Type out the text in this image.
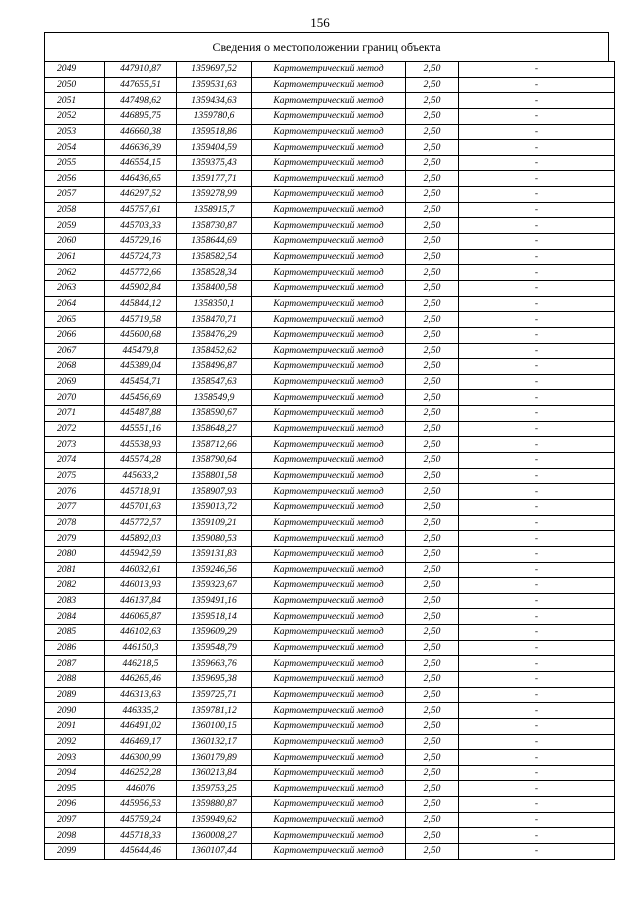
156
Сведения о местоположении границ объекта
2049	447910,87	1359697,52	Картометрический метод	2,50	-
2050	447655,51	1359531,63	Картометрический метод	2,50	-
2051	447498,62	1359434,63	Картометрический метод	2,50	-
2052	446895,75	1359780,6	Картометрический метод	2,50	-
2053	446660,38	1359518,86	Картометрический метод	2,50	-
2054	446636,39	1359404,59	Картометрический метод	2,50	-
2055	446554,15	1359375,43	Картометрический метод	2,50	-
2056	446436,65	1359177,71	Картометрический метод	2,50	-
2057	446297,52	1359278,99	Картометрический метод	2,50	-
2058	445757,61	1358915,7	Картометрический метод	2,50	-
2059	445703,33	1358730,87	Картометрический метод	2,50	-
2060	445729,16	1358644,69	Картометрический метод	2,50	-
2061	445724,73	1358582,54	Картометрический метод	2,50	-
2062	445772,66	1358528,34	Картометрический метод	2,50	-
2063	445902,84	1358400,58	Картометрический метод	2,50	-
2064	445844,12	1358350,1	Картометрический метод	2,50	-
2065	445719,58	1358470,71	Картометрический метод	2,50	-
2066	445600,68	1358476,29	Картометрический метод	2,50	-
2067	445479,8	1358452,62	Картометрический метод	2,50	-
2068	445389,04	1358496,87	Картометрический метод	2,50	-
2069	445454,71	1358547,63	Картометрический метод	2,50	-
2070	445456,69	1358549,9	Картометрический метод	2,50	-
2071	445487,88	1358590,67	Картометрический метод	2,50	-
2072	445551,16	1358648,27	Картометрический метод	2,50	-
2073	445538,93	1358712,66	Картометрический метод	2,50	-
2074	445574,28	1358790,64	Картометрический метод	2,50	-
2075	445633,2	1358801,58	Картометрический метод	2,50	-
2076	445718,91	1358907,93	Картометрический метод	2,50	-
2077	445701,63	1359013,72	Картометрический метод	2,50	-
2078	445772,57	1359109,21	Картометрический метод	2,50	-
2079	445892,03	1359080,53	Картометрический метод	2,50	-
2080	445942,59	1359131,83	Картометрический метод	2,50	-
2081	446032,61	1359246,56	Картометрический метод	2,50	-
2082	446013,93	1359323,67	Картометрический метод	2,50	-
2083	446137,84	1359491,16	Картометрический метод	2,50	-
2084	446065,87	1359518,14	Картометрический метод	2,50	-
2085	446102,63	1359609,29	Картометрический метод	2,50	-
2086	446150,3	1359548,79	Картометрический метод	2,50	-
2087	446218,5	1359663,76	Картометрический метод	2,50	-
2088	446265,46	1359695,38	Картометрический метод	2,50	-
2089	446313,63	1359725,71	Картометрический метод	2,50	-
2090	446335,2	1359781,12	Картометрический метод	2,50	-
2091	446491,02	1360100,15	Картометрический метод	2,50	-
2092	446469,17	1360132,17	Картометрический метод	2,50	-
2093	446300,99	1360179,89	Картометрический метод	2,50	-
2094	446252,28	1360213,84	Картометрический метод	2,50	-
2095	446076	1359753,25	Картометрический метод	2,50	-
2096	445956,53	1359880,87	Картометрический метод	2,50	-
2097	445759,24	1359949,62	Картометрический метод	2,50	-
2098	445718,33	1360008,27	Картометрический метод	2,50	-
2099	445644,46	1360107,44	Картометрический метод	2,50	-
